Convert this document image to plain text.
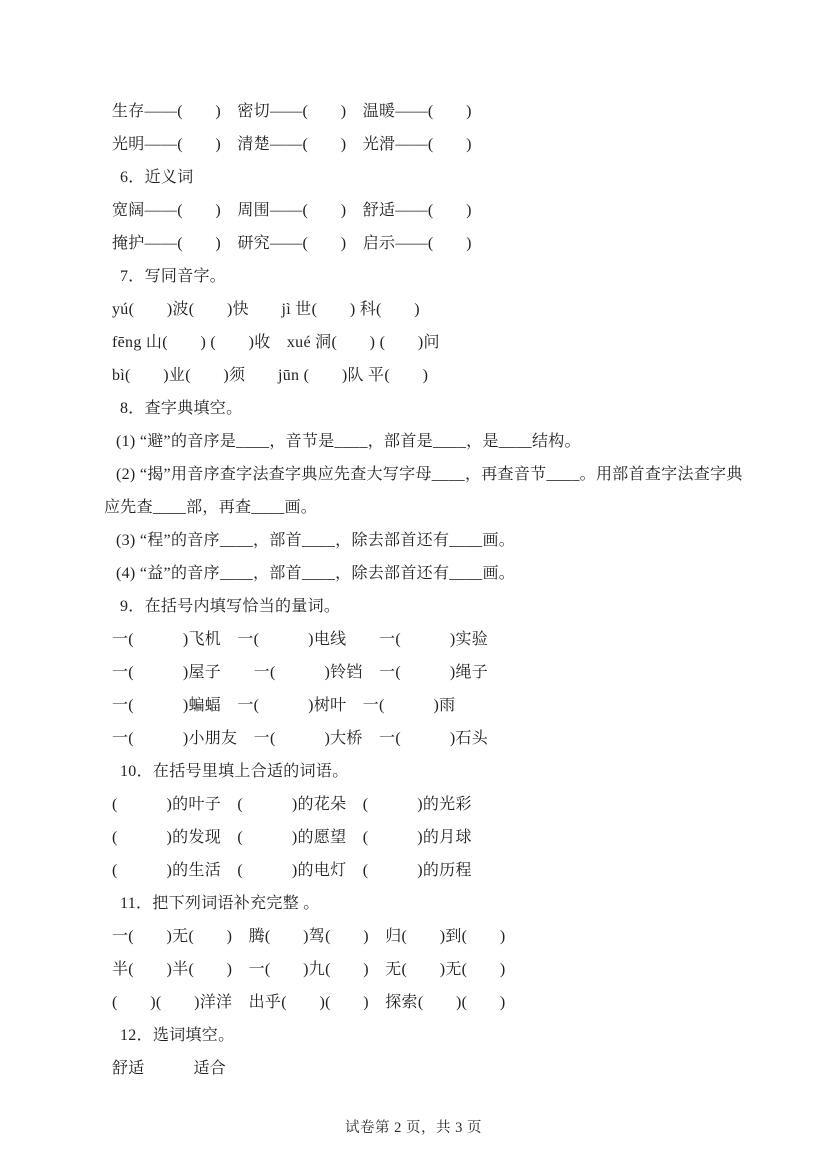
生存——(　　)　密切——(　　)　温暖——(　　)
光明——(　　)　清楚——(　　)　光滑——(　　)
6．近义词
宽阔——(　　)　周围——(　　)　舒适——(　　)
掩护——(　　)　研究——(　　)　启示——(　　)
7．写同音字。
yú(　　)波(　　)快　　jì 世(　　) 科(　　)
fēng 山(　　) (　　)收　xué 洞(　　) (　　)问
bì(　　)业(　　)须　　jūn (　　)队 平(　　)
8．查字典填空。
(1) “避”的音序是____，音节是____，部首是____，是____结构。
(2) “揭”用音序查字法查字典应先查大写字母____，再查音节____。用部首查字法查字典
应先查____部，再查____画。
(3) “程”的音序____，部首____，除去部首还有____画。
(4) “益”的音序____，部首____，除去部首还有____画。
9．在括号内填写恰当的量词。
一(　　　)飞机　一(　　　)电线　　一(　　　)实验
一(　　　)屋子　　一(　　　)铃铛　一(　　　)绳子
一(　　　)蝙蝠　一(　　　)树叶　一(　　　)雨
一(　　　)小朋友　一(　　　)大桥　一(　　　)石头
10．在括号里填上合适的词语。
(　　　)的叶子　(　　　)的花朵　(　　　)的光彩
(　　　)的发现　(　　　)的愿望　(　　　)的月球
(　　　)的生活　(　　　)的电灯　(　　　)的历程
11．把下列词语补充完整 。
一(　　)无(　　)　腾(　　)驾(　　)　归(　　)到(　　)
半(　　)半(　　)　一(　　)九(　　)　无(　　)无(　　)
(　　)(　　)洋洋　出乎(　　)(　　)　探索(　　)(　　)
12．选词填空。
舒适　　　适合
试卷第 2 页，共 3 页
